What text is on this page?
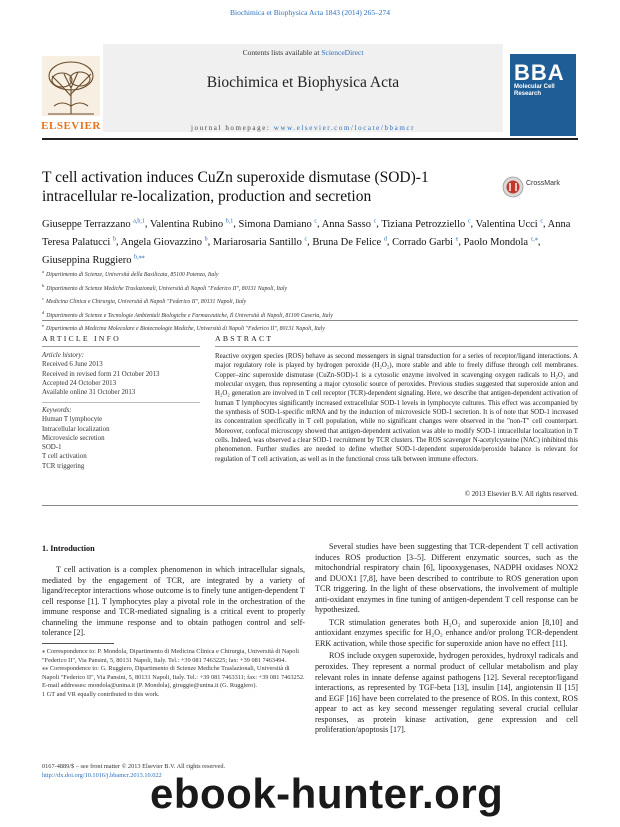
Biochimica et Biophysica Acta 1843 (2014) 265–274
Contents lists available at ScienceDirect
Biochimica et Biophysica Acta
journal homepage: www.elsevier.com/locate/bbamcr
ELSEVIER
BBA
Molecular Cell Research
T cell activation induces CuZn superoxide dismutase (SOD)-1 intracellular re-localization, production and secretion
CrossMark
Giuseppe Terrazzano $^{a,b,1}$, Valentina Rubino $^{b,1}$, Simona Damiano $^c$, Anna Sasso $^c$, Tiziana Petrozziello $^c$, Valentina Ucci $^c$, Anna Teresa Palatucci $^b$, Angela Giovazzino $^b$, Mariarosaria Santillo $^c$, Bruna De Felice $^d$, Corrado Garbi $^e$, Paolo Mondola $^{c,⁎}$, Giuseppina Ruggiero $^{b,⁎⁎}$
$^a$Dipartimento di Scienze, Università della Basilicata, 85100 Potenza, Italy
$^b$Dipartimento di Scienze Mediche Traslazionali, Università di Napoli "Federico II", 80131 Napoli, Italy
$^c$Medicina Clinica e Chirurgia, Università di Napoli "Federico II", 80131 Napoli, Italy
$^d$Dipartimento di Scienze e Tecnologie Ambientali Biologiche e Farmaceutiche, Il Università di Napoli, 81100 Caserta, Italy
$^e$Dipartimento di Medicina Molecolare e Biotecnologie Mediche, Università di Napoli "Federico II", 80131 Napoli, Italy
ARTICLE INFO	ABSTRACT
Article history:
Received 6 June 2013
Received in revised form 21 October 2013
Accepted 24 October 2013
Available online 31 October 2013
Keywords:
Human T lymphocyte
Intracellular localization
Microvesicle secretion
SOD-1
T cell activation
TCR triggering
Reactive oxygen species (ROS) behave as second messengers in signal transduction for a series of receptor/ligand interactions. A major regulatory role is played by hydrogen peroxide (H₂O₂), more stable and able to freely diffuse through cell membranes. Copper–zinc superoxide dismutase (CuZn-SOD)-1 is a cytosolic enzyme involved in scavenging oxygen radicals to H₂O₂ and molecular oxygen, thus representing a major cytosolic source of peroxides. Previous studies suggested that superoxide anion and H₂O₂ generation are involved in T cell receptor (TCR)-dependent signaling. Here, we describe that antigen-dependent activation of human T lymphocytes significantly increased extracellular SOD-1 levels in lymphocyte cultures. This effect was accompanied by the synthesis of SOD-1-specific mRNA and by the induction of microvesicle SOD-1 secretion. It is of note that SOD-1 increased its concentration specifically in T cell population, while no significant changes were observed in the "non-T" cell counterpart. Moreover, confocal microscopy showed that antigen-dependent activation was able to modify SOD-1 intracellular localization in T cells. Indeed, was observed a clear SOD-1 recruitment by TCR clusters. The ROS scavenger N-acetylcysteine (NAC) inhibited this phenomenon. Further studies are needed to define whether SOD-1-dependent superoxide/peroxide balance is relevant for regulation of T cell activation, as well as in the functional cross talk between immune effectors.
© 2013 Elsevier B.V. All rights reserved.
1. Introduction

T cell activation is a complex phenomenon in which intracellular signals, mediated by the engagement of TCR, are integrated by a variety of ligand/receptor interactions whose outcome is to finely tune antigen-dependent T cell response [1]. T lymphocytes play a pivotal role in the orchestration of the immune response and TCR-mediated signaling is a critical event to properly channeling the immune response and to obtain pathogen control and self-tolerance [2].

Several studies have been suggesting that TCR-dependent T cell activation induces ROS production [3–5]. Different enzymatic sources, such as the mitochondrial respiratory chain [6], lipooxygenases, NADPH oxidases NOX2 and DUOX1 [7,8], have been described to contribute to ROS generation upon TCR triggering. In the light of these observations, the involvement of multiple anti-oxidant enzymes in fine tuning of antigen-dependent T cell response can be hypothesized.

TCR stimulation generates both H₂O₂ and superoxide anion [8,10] and antioxidant enzymes specific for H₂O₂ enhance and/or prolong TCR-dependent ERK activation, while those specific for superoxide anion have no effect [11].

ROS include oxygen superoxide, hydrogen peroxides, hydroxyl radicals and peroxides. They represent a normal product of cellular metabolism and play relevant roles in innate defense against pathogens [12]. Several receptor/ligand interactions, as represented by TGF-beta [13], insulin [14], angiotensin II [15] and EGF [16] have been correlated to the presence of ROS. In this context, ROS appear to act as key second messenger regulating several crucial cellular responses, as protein kinase activation, gene expression and cell proliferation/apoptosis [17].

⁎ Correspondence to: P. Mondola, Dipartimento di Medicina Clinica e Chirurgia, Università di Napoli "Federico II", Via Pansini, 5, 80131 Napoli, Italy. Tel.: +39 081 7463225; fax: +39 081 7463494.
⁎⁎ Correspondence to: G. Ruggiero, Dipartimento di Scienze Mediche Traslazionali, Università di Napoli "Federico II", Via Pansini, 5, 80131 Napoli, Italy. Tel.: +39 081 7463311; fax: +39 081 7463252.
E-mail addresses: mondola@unina.it (P. Mondola), giruggie@unina.it (G. Ruggiero).
1 GT and VR equally contributed to this work.
0167-4889/$ – see front matter © 2013 Elsevier B.V. All rights reserved.
http://dx.doi.org/10.1016/j.bbamcr.2013.10.022
ebook-hunter.org
